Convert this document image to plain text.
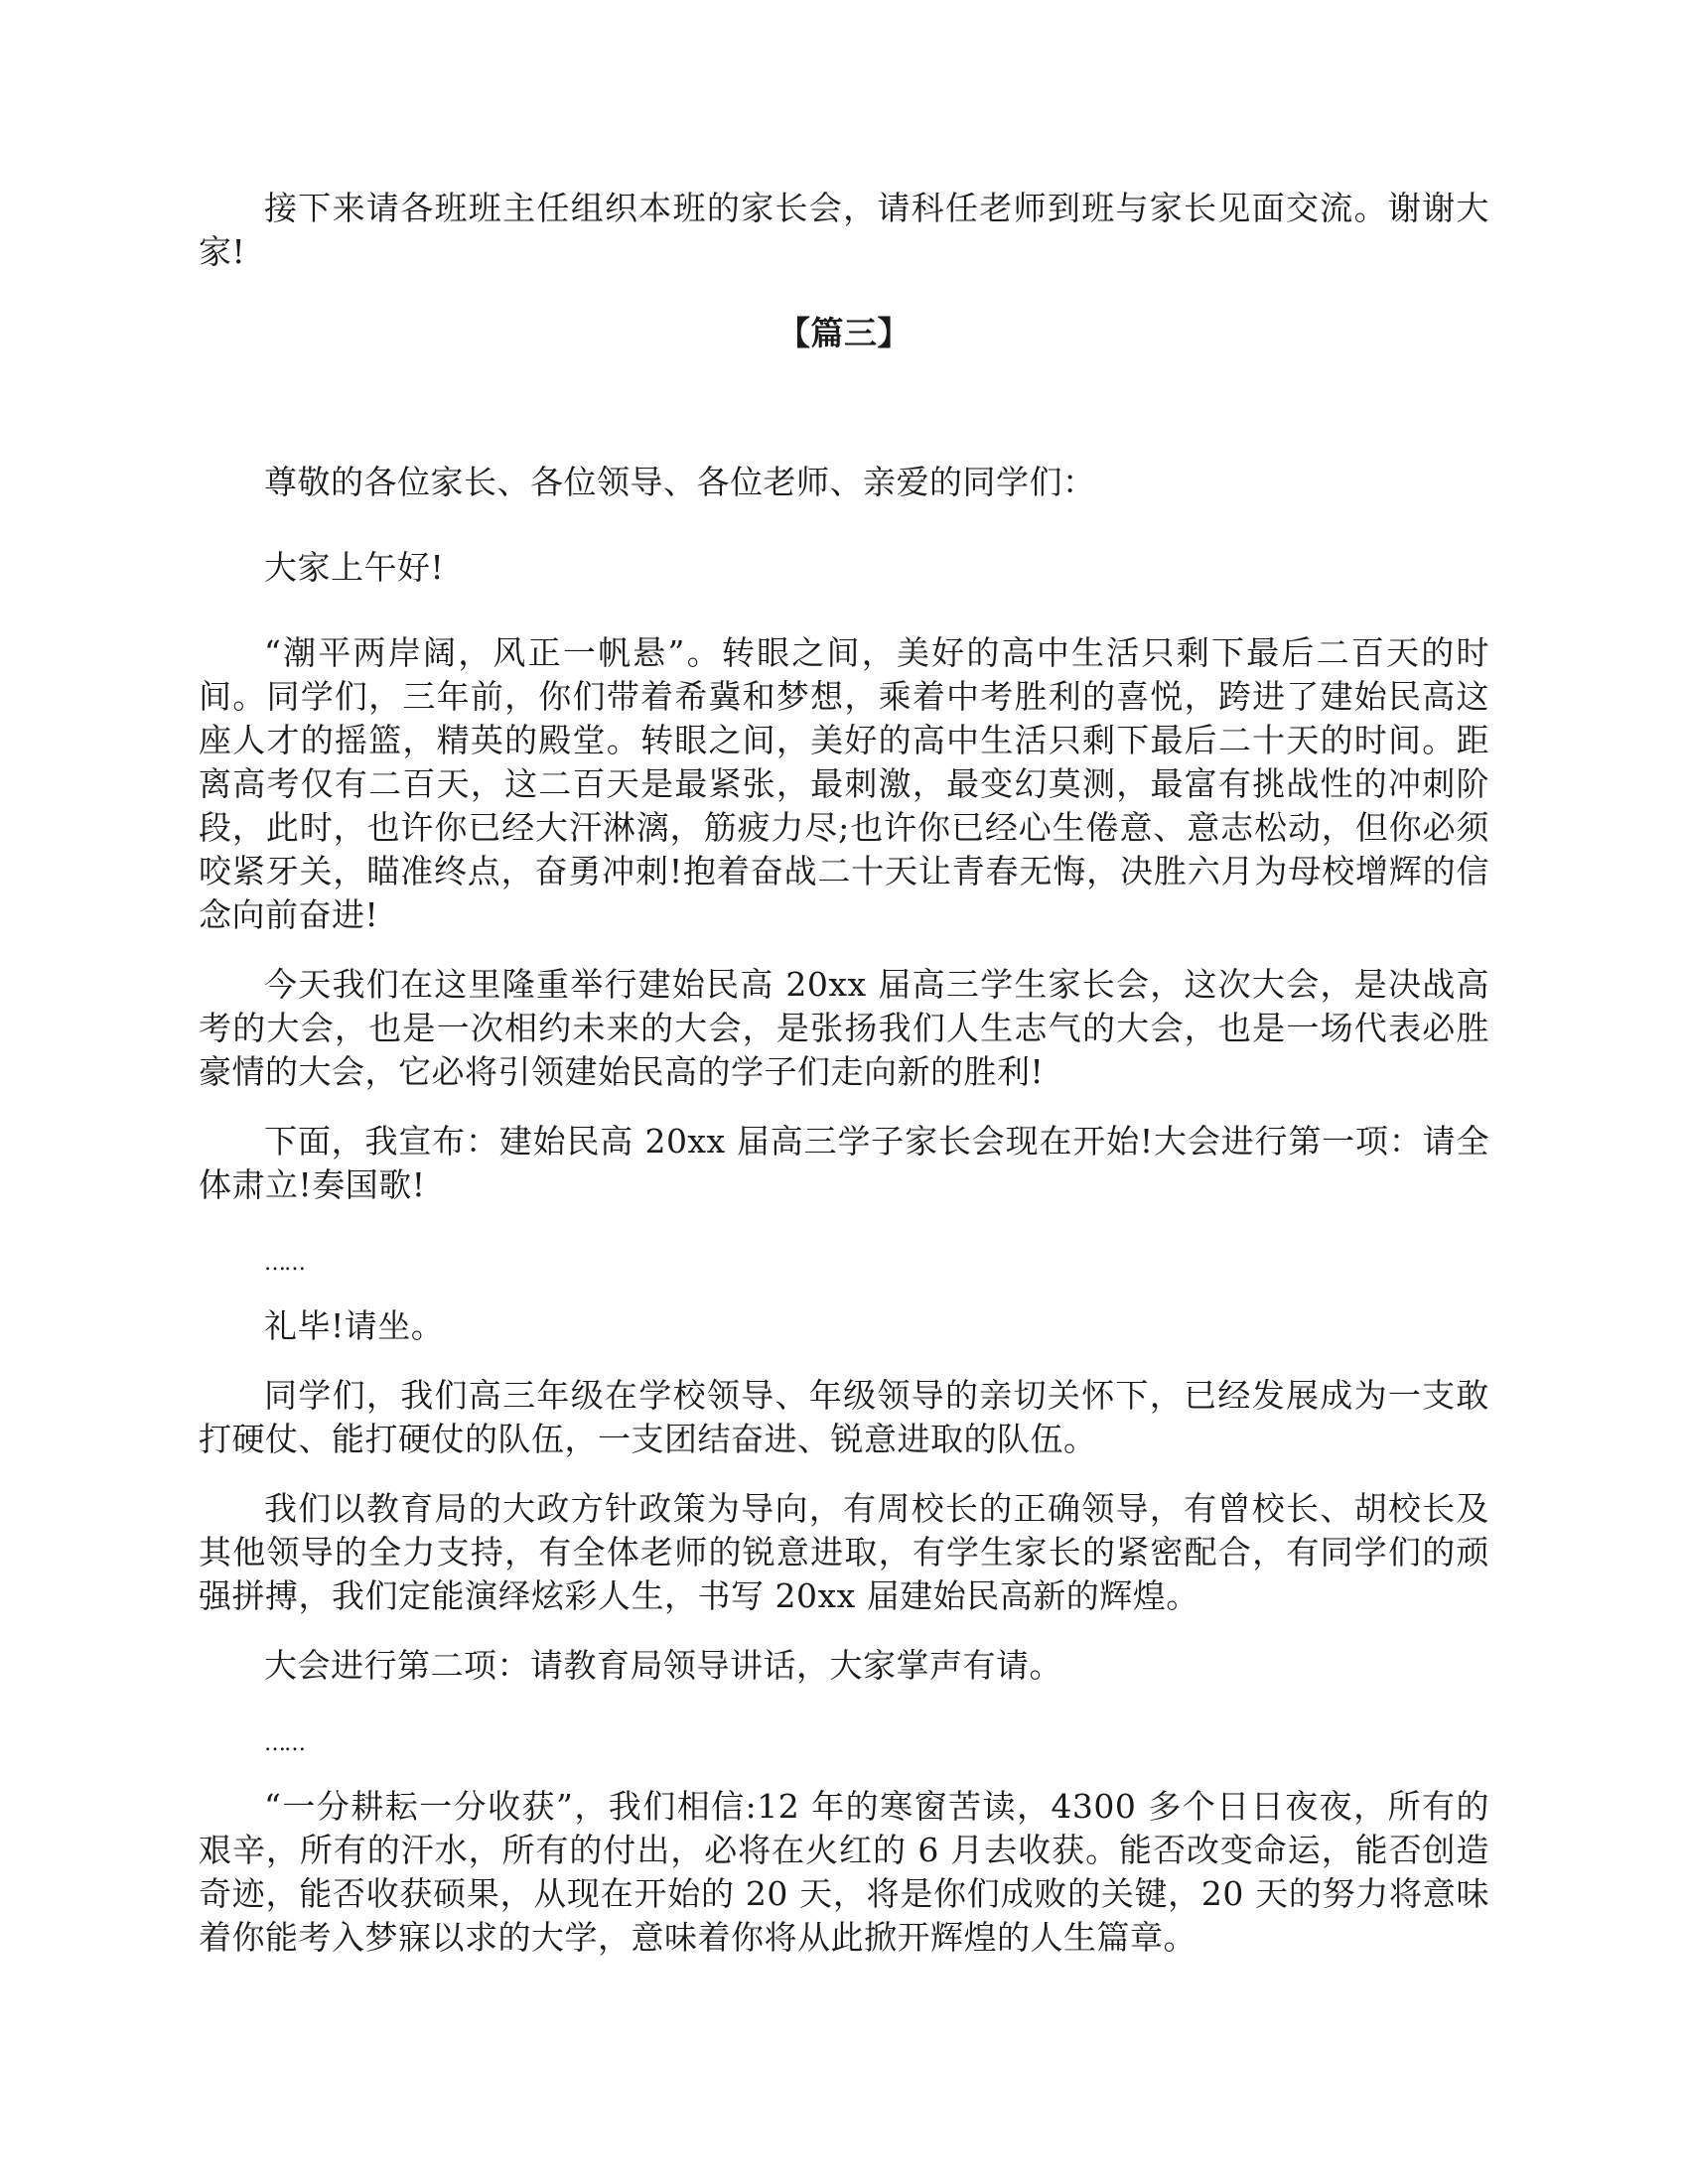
接下来请各班班主任组织本班的家长会，请科任老师到班与家长见面交流。谢谢大家!

【篇三】

尊敬的各位家长、各位领导、各位老师、亲爱的同学们：

大家上午好!

“潮平两岸阔，风正一帆悬”。转眼之间，美好的高中生活只剩下最后二百天的时间。同学们，三年前，你们带着希冀和梦想，乘着中考胜利的喜悦，跨进了建始民高这座人才的摇篮，精英的殿堂。转眼之间，美好的高中生活只剩下最后二十天的时间。距离高考仅有二百天，这二百天是最紧张，最刺激，最变幻莫测，最富有挑战性的冲刺阶段，此时，也许你已经大汗淋漓，筋疲力尽;也许你已经心生倦意、意志松动，但你必须咬紧牙关，瞄准终点，奋勇冲刺!抱着奋战二十天让青春无悔，决胜六月为母校增辉的信念向前奋进!

今天我们在这里隆重举行建始民高 20xx 届高三学生家长会，这次大会，是决战高考的大会，也是一次相约未来的大会，是张扬我们人生志气的大会，也是一场代表必胜豪情的大会，它必将引领建始民高的学子们走向新的胜利!

下面，我宣布：建始民高 20xx 届高三学子家长会现在开始!大会进行第一项：请全体肃立!奏国歌!

……

礼毕!请坐。

同学们，我们高三年级在学校领导、年级领导的亲切关怀下，已经发展成为一支敢打硬仗、能打硬仗的队伍，一支团结奋进、锐意进取的队伍。

我们以教育局的大政方针政策为导向，有周校长的正确领导，有曾校长、胡校长及其他领导的全力支持，有全体老师的锐意进取，有学生家长的紧密配合，有同学们的顽强拼搏，我们定能演绎炫彩人生，书写 20xx 届建始民高新的辉煌。

大会进行第二项：请教育局领导讲话，大家掌声有请。

……

“一分耕耘一分收获”，我们相信:12 年的寒窗苦读，4300 多个日日夜夜，所有的艰辛，所有的汗水，所有的付出，必将在火红的 6 月去收获。能否改变命运，能否创造奇迹，能否收获硕果，从现在开始的 20 天，将是你们成败的关键，20 天的努力将意味着你能考入梦寐以求的大学，意味着你将从此掀开辉煌的人生篇章。
